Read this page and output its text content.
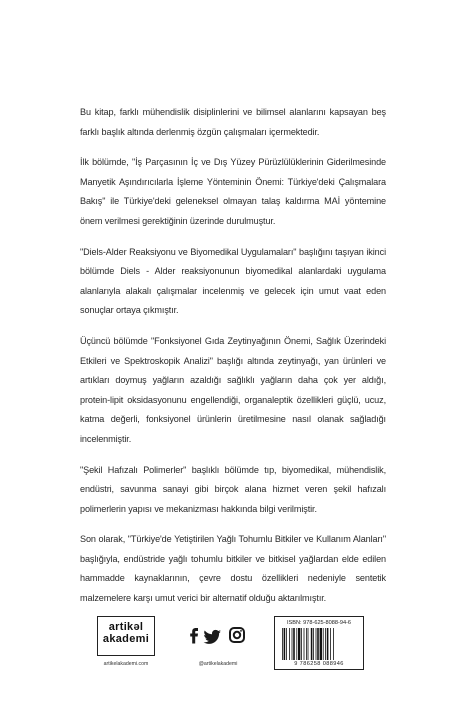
Bu kitap, farklı mühendislik disiplinlerini ve bilimsel alanlarını kapsayan beş farklı başlık altında derlenmiş özgün çalışmaları içermektedir.

İlk bölümde, "İş Parçasının İç ve Dış Yüzey Pürüzlülüklerinin Giderilmesinde Manyetik Aşındırıcılarla İşleme Yönteminin Önemi: Türkiye'deki Çalışmalara Bakış" ile Türkiye'deki geleneksel olmayan talaş kaldırma MAİ yöntemine önem verilmesi gerektiğinin üzerinde durulmuştur.

"Diels-Alder Reaksiyonu ve Biyomedikal Uygulamaları" başlığını taşıyan ikinci bölümde Diels - Alder reaksiyonunun biyomedikal alanlardaki uygulama alanlarıyla alakalı çalışmalar incelenmiş ve gelecek için umut vaat eden sonuçlar ortaya çıkmıştır.

Üçüncü bölümde "Fonksiyonel Gıda Zeytinyağının Önemi, Sağlık Üzerindeki Etkileri ve Spektroskopik Analizi" başlığı altında zeytinyağı, yan ürünleri ve artıkları doymuş yağların azaldığı sağlıklı yağların daha çok yer aldığı, protein-lipit oksidasyonunu engellendiği, organaleptik özellikleri güçlü, ucuz, katma değerli, fonksiyonel ürünlerin üretilmesine nasıl olanak sağladığı incelenmiştir.

"Şekil Hafızalı Polimerler" başlıklı bölümde tıp, biyomedikal, mühendislik, endüstri, savunma sanayi gibi birçok alana hizmet veren şekil hafızalı polimerlerin yapısı ve mekanizması hakkında bilgi verilmiştir.

Son olarak, "Türkiye'de Yetiştirilen Yağlı Tohumlu Bitkiler ve Kullanım Alanları" başlığıyla, endüstride yağlı tohumlu bitkiler ve bitkisel yağlardan elde edilen hammadde kaynaklarının, çevre dostu özellikleri nedeniyle sentetik malzemelere karşı umut verici bir alternatif olduğu aktarılmıştır.

artikəl
akademi
artikelakademi.com	@artikelakademi
ISBN: 978-625-8088-94-6
9 786258 088946
